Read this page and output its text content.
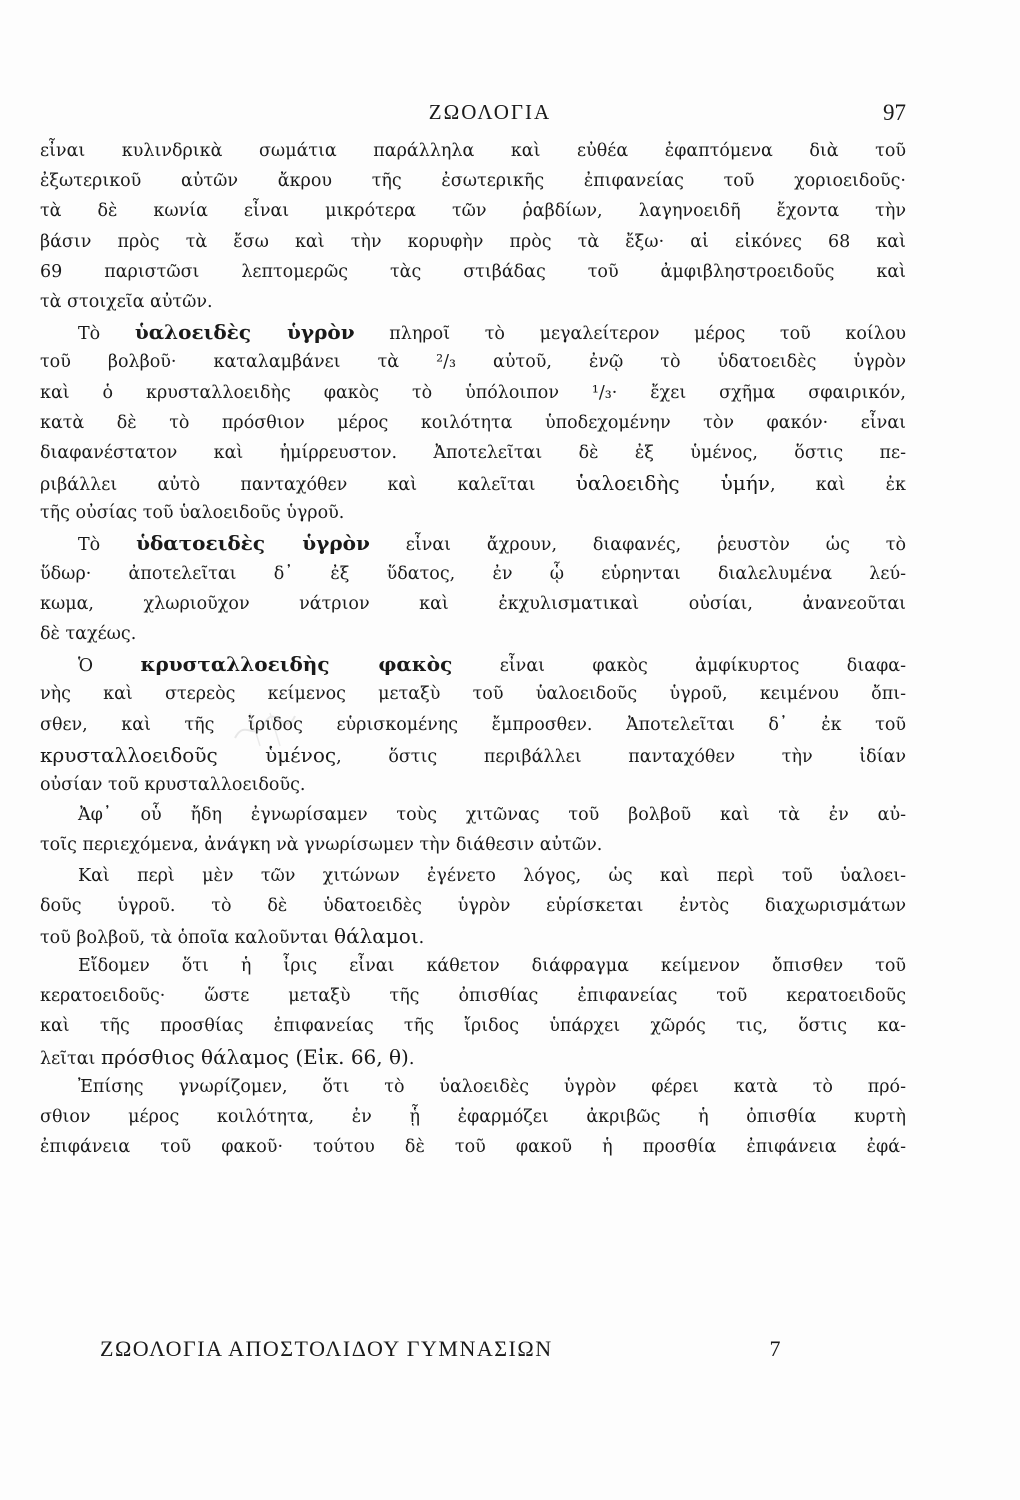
ΖΩΟΛΟΓΙΑ	97
εἶναι κυλινδρικὰ σωμάτια παράλληλα καὶ εὐθέα ἐφαπτόμενα διὰ τοῦ
ἐξωτερικοῦ αὐτῶν ἄκρου τῆς ἐσωτερικῆς ἐπιφανείας τοῦ χοριοειδοῦς·
τὰ δὲ κωνία εἶναι μικρότερα τῶν ῥαβδίων, λαγηνοειδῆ ἔχοντα τὴν
βάσιν πρὸς τὰ ἔσω καὶ τὴν κορυφὴν πρὸς τὰ ἔξω· αἱ εἰκόνες 68 καὶ
69 παριστῶσι λεπτομερῶς τὰς στιβάδας τοῦ ἀμφιβληστροειδοῦς καὶ
τὰ στοιχεῖα αὐτῶν.
Τὸ ὑαλοειδὲς ὑγρὸν πληροῖ τὸ μεγαλείτερον μέρος τοῦ κοίλου
τοῦ βολβοῦ· καταλαμβάνει τὰ ²/₃ αὐτοῦ, ἐνῷ τὸ ὑδατοειδὲς ὑγρὸν
καὶ ὁ κρυσταλλοειδὴς φακὸς τὸ ὑπόλοιπον ¹/₃· ἔχει σχῆμα σφαιρικόν,
κατὰ δὲ τὸ πρόσθιον μέρος κοιλότητα ὑποδεχομένην τὸν φακόν· εἶναι
διαφανέστατον καὶ ἡμίρρευστον. Ἀποτελεῖται δὲ ἐξ ὑμένος, ὅστις πε-
ριβάλλει αὐτὸ πανταχόθεν καὶ καλεῖται ὑαλοειδὴς ὑμήν, καὶ ἐκ
τῆς οὐσίας τοῦ ὑαλοειδοῦς ὑγροῦ.
Τὸ ὑδατοειδὲς ὑγρὸν εἶναι ἄχρουν, διαφανές, ῥευστὸν ὡς τὸ
ὕδωρ· ἀποτελεῖται δ᾽ ἐξ ὕδατος, ἐν ᾧ εὑρηνται διαλελυμένα λεύ-
κωμα, χλωριοῦχον νάτριον καὶ ἐκχυλισματικαὶ οὐσίαι, ἀνανεοῦται
δὲ ταχέως.
Ὁ κρυσταλλοειδὴς φακὸς εἶναι φακὸς ἀμφίκυρτος διαφα-
νὴς καὶ στερεὸς κείμενος μεταξὺ τοῦ ὑαλοειδοῦς ὑγροῦ, κειμένου ὄπι-
σθεν, καὶ τῆς ἴριδος εὑρισκομένης ἔμπροσθεν. Ἀποτελεῖται δ᾽ ἐκ τοῦ
κρυσταλλοειδοῦς ὑμένος, ὅστις περιβάλλει πανταχόθεν τὴν ἰδίαν
οὐσίαν τοῦ κρυσταλλοειδοῦς.
Ἀφ᾽ οὗ ἤδη ἐγνωρίσαμεν τοὺς χιτῶνας τοῦ βολβοῦ καὶ τὰ ἐν αὐ-
τοῖς περιεχόμενα, ἀνάγκη νὰ γνωρίσωμεν τὴν διάθεσιν αὐτῶν.
Καὶ περὶ μὲν τῶν χιτώνων ἐγένετο λόγος, ὡς καὶ περὶ τοῦ ὑαλοει-
δοῦς ὑγροῦ. τὸ δὲ ὑδατοειδὲς ὑγρὸν εὑρίσκεται ἐντὸς διαχωρισμάτων
τοῦ βολβοῦ, τὰ ὁποῖα καλοῦνται θάλαμοι.
Εἴδομεν ὅτι ἡ ἶρις εἶναι κάθετον διάφραγμα κείμενον ὄπισθεν τοῦ
κερατοειδοῦς· ὥστε μεταξὺ τῆς ὀπισθίας ἐπιφανείας τοῦ κερατοειδοῦς
καὶ τῆς προσθίας ἐπιφανείας τῆς ἴριδος ὑπάρχει χῶρός τις, ὅστις κα-
λεῖται πρόσθιος θάλαμος (Εἰκ. 66, θ).
Ἐπίσης γνωρίζομεν, ὅτι τὸ ὑαλοειδὲς ὑγρὸν φέρει κατὰ τὸ πρό-
σθιον μέρος κοιλότητα, ἐν ᾗ ἐφαρμόζει ἀκριβῶς ἡ ὀπισθία κυρτὴ
ἐπιφάνεια τοῦ φακοῦ· τούτου δὲ τοῦ φακοῦ ἡ προσθία ἐπιφάνεια ἐφά-
ΖΩΟΛΟΓΙΑ ΑΠΟΣΤΟΛΙΔΟΥ ΓΥΜΝΑΣΙΩΝ	7
